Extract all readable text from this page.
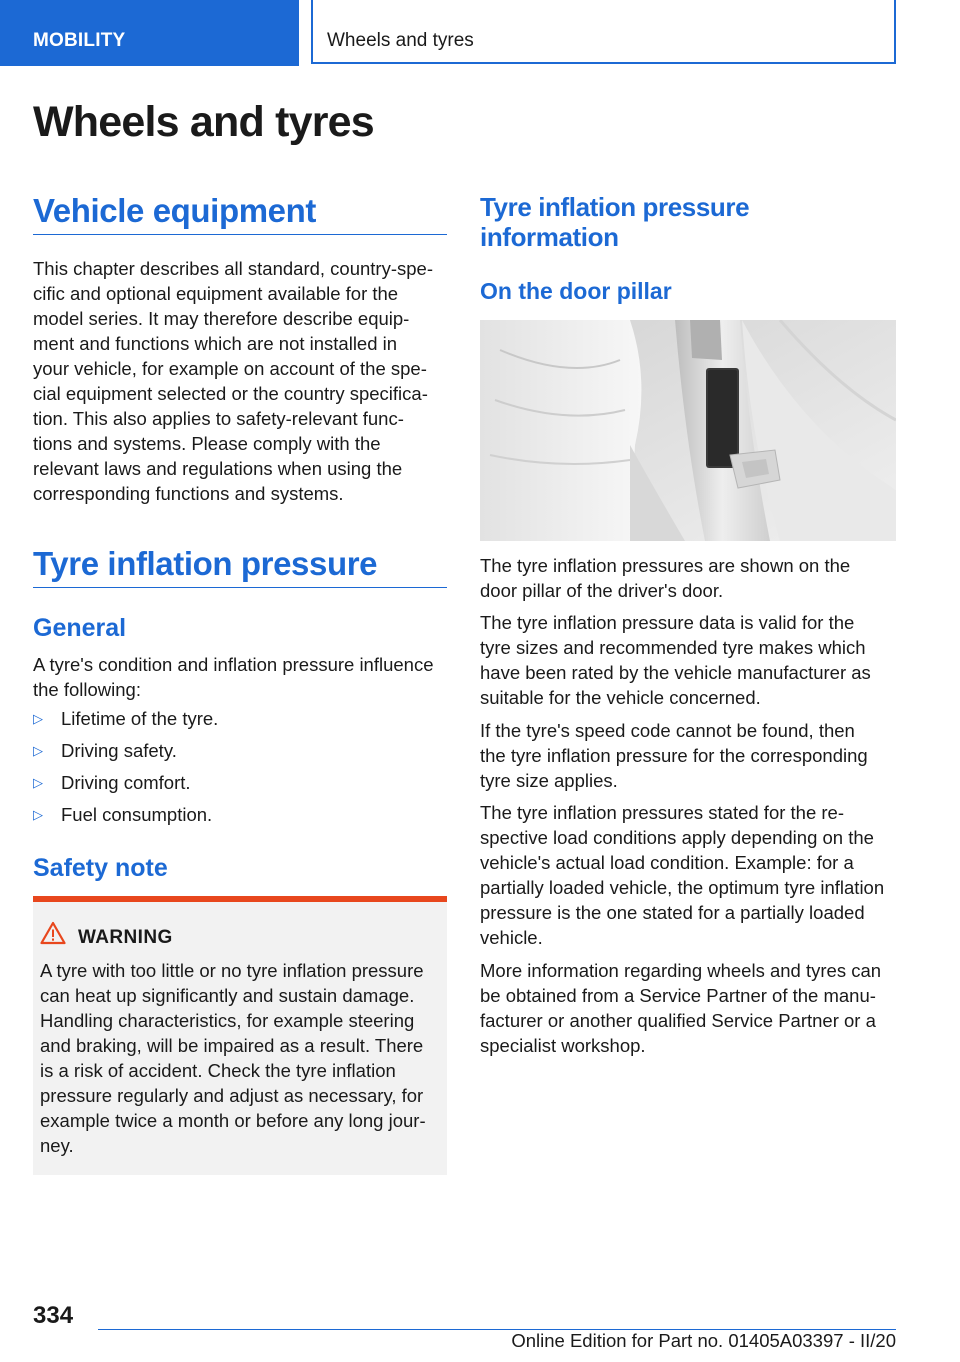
MOBILITY	Wheels and tyres
Wheels and tyres
Vehicle equipment

This chapter describes all standard, country-spe‐
cific and optional equipment available for the
model series. It may therefore describe equip‐
ment and functions which are not installed in
your vehicle, for example on account of the spe‐
cial equipment selected or the country specifica‐
tion. This also applies to safety-relevant func‐
tions and systems. Please comply with the
relevant laws and regulations when using the
corresponding functions and systems.

Tyre inflation pressure
General

A tyre's condition and inflation pressure influence
the following:

▷ Lifetime of the tyre.
▷ Driving safety.
▷ Driving comfort.
▷ Fuel consumption.
Safety note
WARNING

A tyre with too little or no tyre inflation pressure
can heat up significantly and sustain damage.
Handling characteristics, for example steering
and braking, will be impaired as a result. There
is a risk of accident. Check the tyre inflation
pressure regularly and adjust as necessary, for
example twice a month or before any long jour‐
ney.

Tyre inflation pressure
information
On the door pillar

The tyre inflation pressures are shown on the
door pillar of the driver's door.

The tyre inflation pressure data is valid for the
tyre sizes and recommended tyre makes which
have been rated by the vehicle manufacturer as
suitable for the vehicle concerned.

If the tyre's speed code cannot be found, then
the tyre inflation pressure for the corresponding
tyre size applies.

The tyre inflation pressures stated for the re‐
spective load conditions apply depending on the
vehicle's actual load condition. Example: for a
partially loaded vehicle, the optimum tyre inflation
pressure is the one stated for a partially loaded
vehicle.

More information regarding wheels and tyres can
be obtained from a Service Partner of the manu‐
facturer or another qualified Service Partner or a
specialist workshop.

334
Online Edition for Part no. 01405A03397 - II/20
